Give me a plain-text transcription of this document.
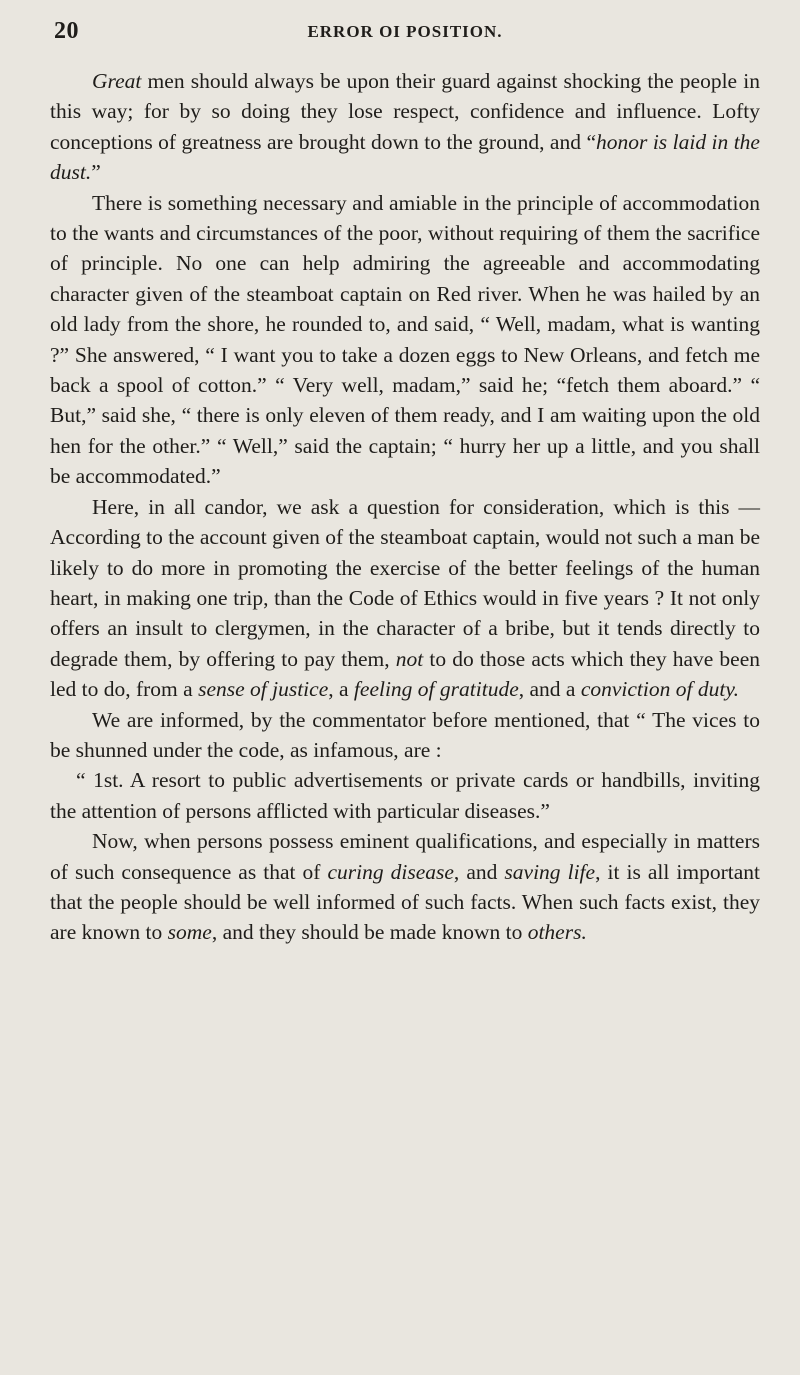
20	ERROR OI POSITION.

Great men should always be upon their guard against shocking the people in this way; for by so doing they lose respect, confidence and influence. Lofty conceptions of greatness are brought down to the ground, and “honor is laid in the dust.”

There is something necessary and amiable in the principle of accommodation to the wants and circumstances of the poor, without requiring of them the sacrifice of principle. No one can help admiring the agreeable and accommodating character given of the steamboat captain on Red river. When he was hailed by an old lady from the shore, he rounded to, and said, “ Well, madam, what is wanting ?” She answered, “ I want you to take a dozen eggs to New Orleans, and fetch me back a spool of cotton.” “ Very well, madam,” said he; “fetch them aboard.” “ But,” said she, “ there is only eleven of them ready, and I am waiting upon the old hen for the other.” “ Well,” said the captain; “ hurry her up a little, and you shall be accommodated.”

Here, in all candor, we ask a question for consideration, which is this — According to the account given of the steamboat captain, would not such a man be likely to do more in promoting the exercise of the better feelings of the human heart, in making one trip, than the Code of Ethics would in five years ? It not only offers an insult to clergymen, in the character of a bribe, but it tends directly to degrade them, by offering to pay them, not to do those acts which they have been led to do, from a sense of justice, a feeling of gratitude, and a conviction of duty.

We are informed, by the commentator before mentioned, that “ The vices to be shunned under the code, as infamous, are :

“ 1st. A resort to public advertisements or private cards or handbills, inviting the attention of persons afflicted with particular diseases.”

Now, when persons possess eminent qualifications, and especially in matters of such consequence as that of curing disease, and saving life, it is all important that the people should be well informed of such facts. When such facts exist, they are known to some, and they should be made known to others.
